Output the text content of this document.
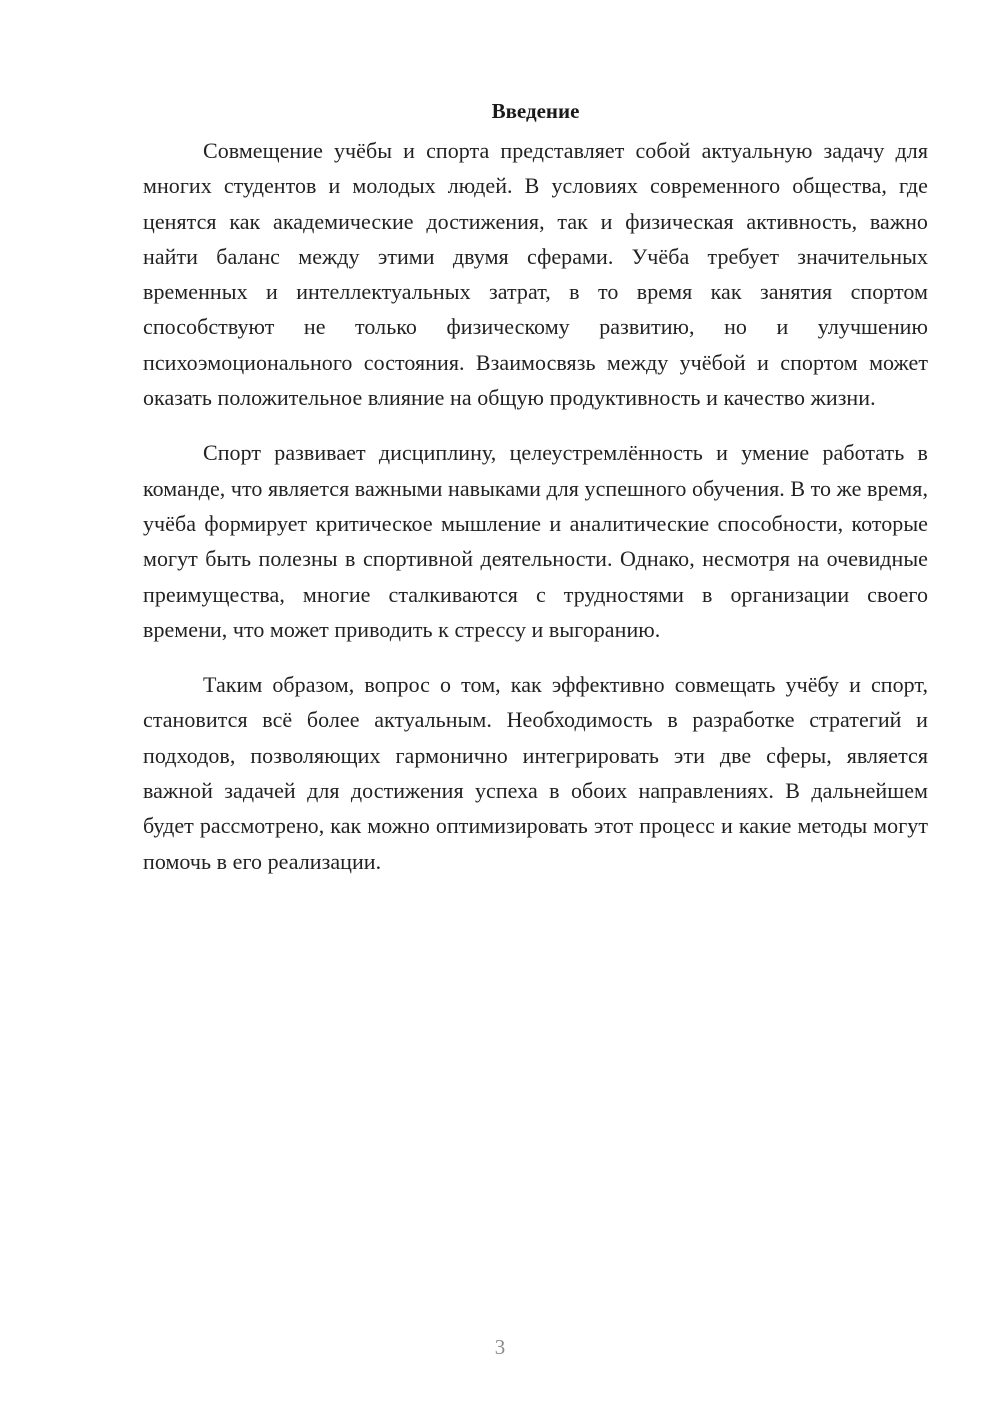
Введение

Совмещение учёбы и спорта представляет собой актуальную задачу для многих студентов и молодых людей. В условиях современного общества, где ценятся как академические достижения, так и физическая активность, важно найти баланс между этими двумя сферами. Учёба требует значительных временных и интеллектуальных затрат, в то время как занятия спортом способствуют не только физическому развитию, но и улучшению психоэмоционального состояния. Взаимосвязь между учёбой и спортом может оказать положительное влияние на общую продуктивность и качество жизни.

Спорт развивает дисциплину, целеустремлённость и умение работать в команде, что является важными навыками для успешного обучения. В то же время, учёба формирует критическое мышление и аналитические способности, которые могут быть полезны в спортивной деятельности. Однако, несмотря на очевидные преимущества, многие сталкиваются с трудностями в организации своего времени, что может приводить к стрессу и выгоранию.

Таким образом, вопрос о том, как эффективно совмещать учёбу и спорт, становится всё более актуальным. Необходимость в разработке стратегий и подходов, позволяющих гармонично интегрировать эти две сферы, является важной задачей для достижения успеха в обоих направлениях. В дальнейшем будет рассмотрено, как можно оптимизировать этот процесс и какие методы могут помочь в его реализации.

3
